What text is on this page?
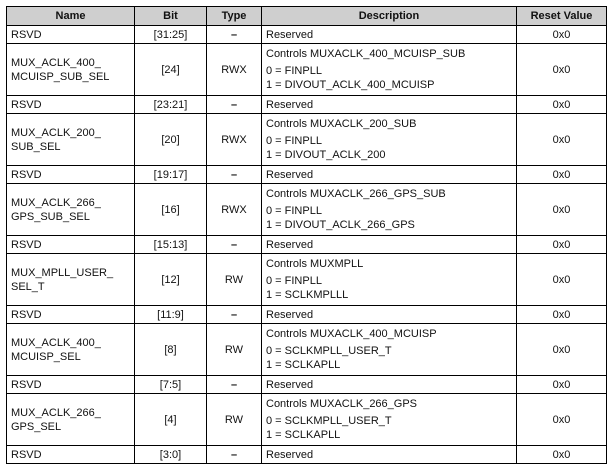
Name	Bit	Type	Description	Reset Value

RSVD	[31:25]	–	Reserved	0x0

MUX_ACLK_400_
MCUISP_SUB_SEL	[24]	RWX	Controls MUXACLK_400_MCUISP_SUB
0 = FINPLL
1 = DIVOUT_ACLK_400_MCUISP	0x0

RSVD	[23:21]	–	Reserved	0x0

MUX_ACLK_200_
SUB_SEL	[20]	RWX	Controls MUXACLK_200_SUB
0 = FINPLL
1 = DIVOUT_ACLK_200	0x0

RSVD	[19:17]	–	Reserved	0x0

MUX_ACLK_266_
GPS_SUB_SEL	[16]	RWX	Controls MUXACLK_266_GPS_SUB
0 = FINPLL
1 = DIVOUT_ACLK_266_GPS	0x0

RSVD	[15:13]	–	Reserved	0x0

MUX_MPLL_USER_
SEL_T	[12]	RW	Controls MUXMPLL
0 = FINPLL
1 = SCLKMPLLL	0x0

RSVD	[11:9]	–	Reserved	0x0

MUX_ACLK_400_
MCUISP_SEL	[8]	RW	Controls MUXACLK_400_MCUISP
0 = SCLKMPLL_USER_T
1 = SCLKAPLL	0x0

RSVD	[7:5]	–	Reserved	0x0

MUX_ACLK_266_
GPS_SEL	[4]	RW	Controls MUXACLK_266_GPS
0 = SCLKMPLL_USER_T
1 = SCLKAPLL	0x0

RSVD	[3:0]	–	Reserved	0x0
